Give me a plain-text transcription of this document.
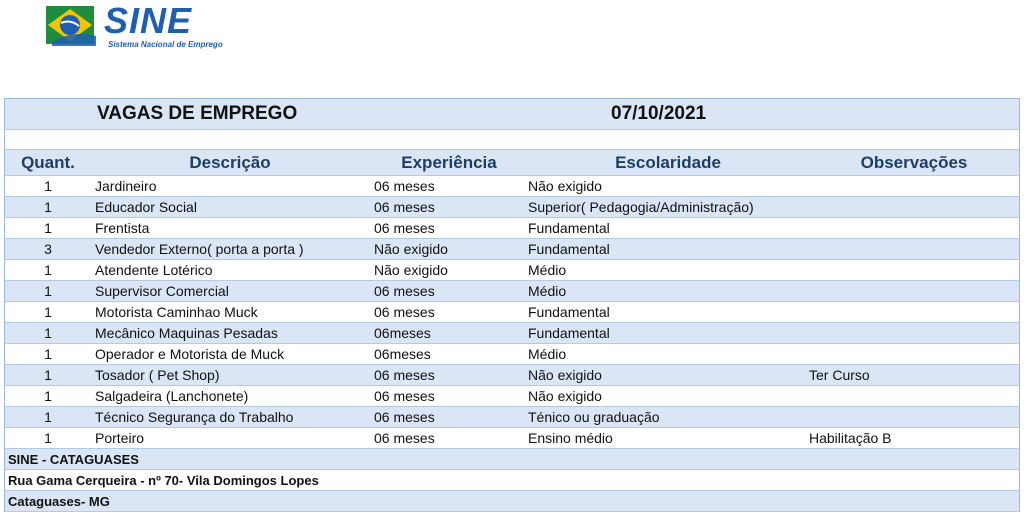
SINE
Sistema Nacional de Emprego
VAGAS DE EMPREGO	07/10/2021
Quant.	Descrição	Experiência	Escolaridade	Observações
1	Jardineiro	06 meses	Não exigido
1	Educador Social	06 meses	Superior( Pedagogia/Administração)
1	Frentista	06 meses	Fundamental
3	Vendedor Externo( porta a porta )	Não exigido	Fundamental
1	Atendente Lotérico	Não exigido	Médio
1	Supervisor Comercial	06 meses	Médio
1	Motorista Caminhao Muck	06 meses	Fundamental
1	Mecânico Maquinas Pesadas	06meses	Fundamental
1	Operador e Motorista de Muck	06meses	Médio
1	Tosador ( Pet Shop)	06 meses	Não exigido	Ter Curso
1	Salgadeira (Lanchonete)	06 meses	Não exigido
1	Técnico Segurança do Trabalho	06 meses	Ténico ou graduação
1	Porteiro	06 meses	Ensino médio	Habilitação B
SINE - CATAGUASES
Rua Gama Cerqueira - nº 70- Vila Domingos Lopes
Cataguases- MG
